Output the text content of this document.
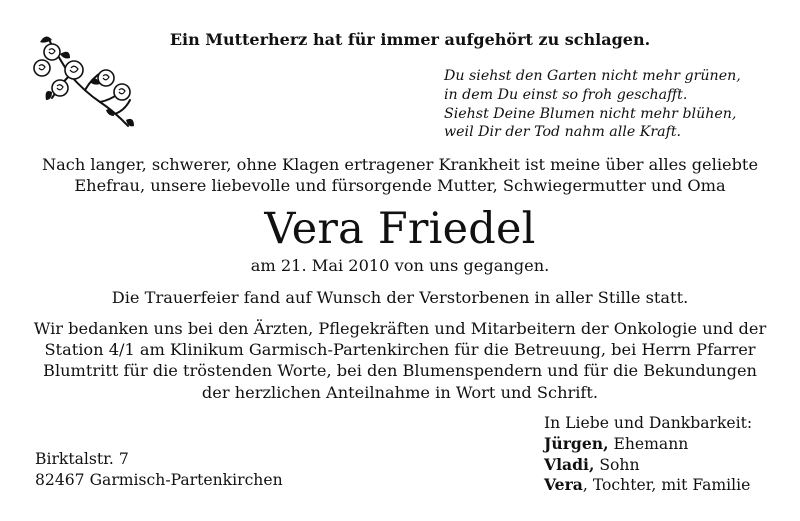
Ein Mutterherz hat für immer aufgehört zu schlagen.
Du siehst den Garten nicht mehr grünen,
in dem Du einst so froh geschafft.
Siehst Deine Blumen nicht mehr blühen,
weil Dir der Tod nahm alle Kraft.
Nach langer, schwerer, ohne Klagen ertragener Krankheit ist meine über alles geliebte
Ehefrau, unsere liebevolle und fürsorgende Mutter, Schwiegermutter und Oma
Vera Friedel
am 21. Mai 2010 von uns gegangen.
Die Trauerfeier fand auf Wunsch der Verstorbenen in aller Stille statt.
Wir bedanken uns bei den Ärzten, Pflegekräften und Mitarbeitern der Onkologie und der
Station 4/1 am Klinikum Garmisch-Partenkirchen für die Betreuung, bei Herrn Pfarrer
Blumtritt für die tröstenden Worte, bei den Blumenspendern und für die Bekundungen
der herzlichen Anteilnahme in Wort und Schrift.
Birktalstr. 7
82467 Garmisch-Partenkirchen
In Liebe und Dankbarkeit:
Jürgen, Ehemann
Vladi, Sohn
Vera, Tochter, mit Familie
